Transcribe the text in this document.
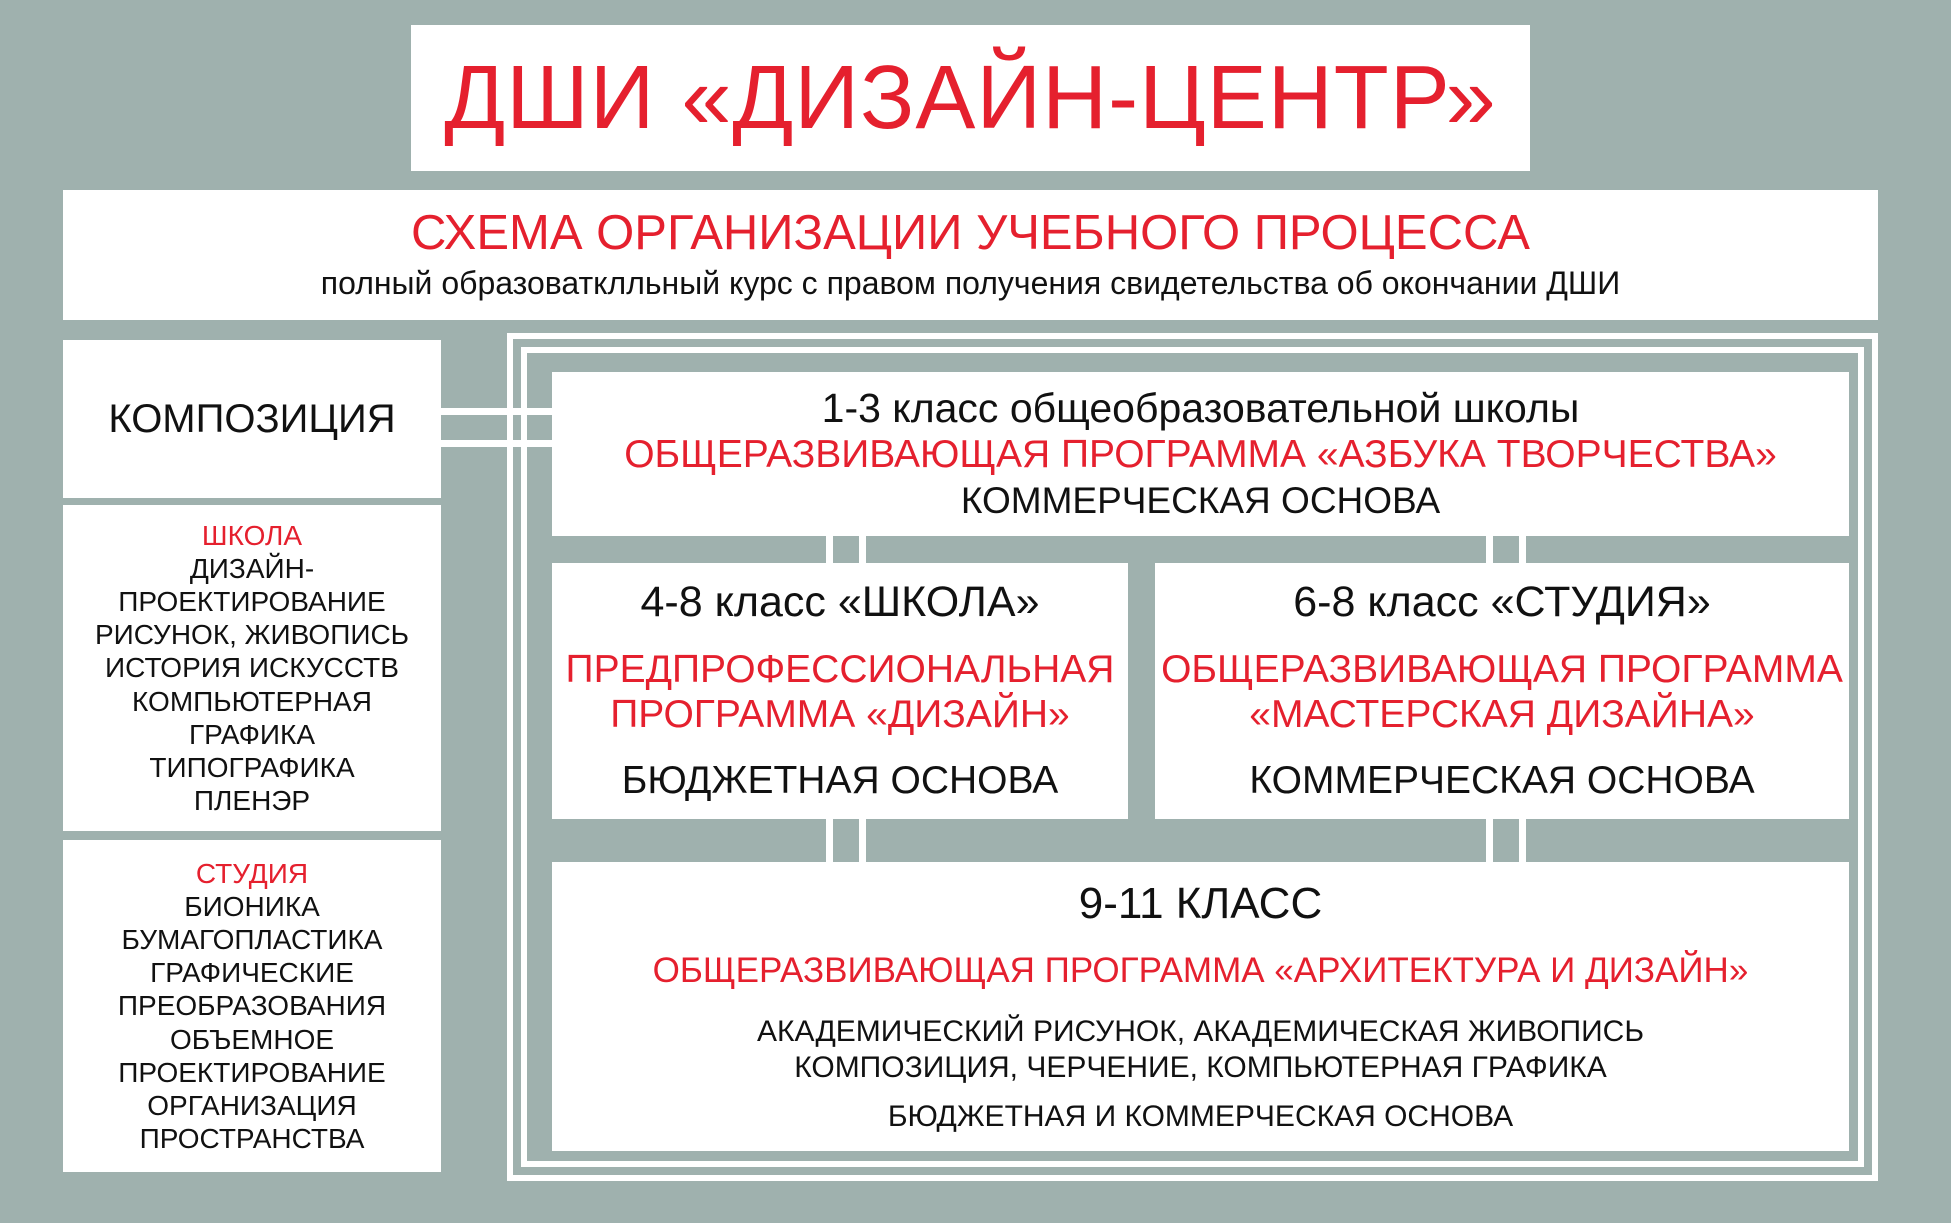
ДШИ «ДИЗАЙН-ЦЕНТР»
СХЕМА ОРГАНИЗАЦИИ УЧЕБНОГО ПРОЦЕССА
полный образоватклльный курс с правом получения свидетельства об окончании ДШИ
КОМПОЗИЦИЯ
ШКОЛА
ДИЗАЙН-
ПРОЕКТИРОВАНИЕ
РИСУНОК, ЖИВОПИСЬ
ИСТОРИЯ ИСКУССТВ
КОМПЬЮТЕРНАЯ
ГРАФИКА
ТИПОГРАФИКА
ПЛЕНЭР
СТУДИЯ
БИОНИКА
БУМАГОПЛАСТИКА
ГРАФИЧЕСКИЕ
ПРЕОБРАЗОВАНИЯ
ОБЪЕМНОЕ
ПРОЕКТИРОВАНИЕ
ОРГАНИЗАЦИЯ
ПРОСТРАНСТВА
1-3 класс общеобразовательной школы
ОБЩЕРАЗВИВАЮЩАЯ ПРОГРАММА «АЗБУКА ТВОРЧЕСТВА»
КОММЕРЧЕСКАЯ ОСНОВА
4-8 класс «ШКОЛА»
ПРЕДПРОФЕССИОНАЛЬНАЯ
ПРОГРАММА «ДИЗАЙН»
БЮДЖЕТНАЯ ОСНОВА
6-8 класс «СТУДИЯ»
ОБЩЕРАЗВИВАЮЩАЯ ПРОГРАММА
«МАСТЕРСКАЯ ДИЗАЙНА»
КОММЕРЧЕСКАЯ ОСНОВА
9-11 КЛАСС
ОБЩЕРАЗВИВАЮЩАЯ ПРОГРАММА «АРХИТЕКТУРА И ДИЗАЙН»
АКАДЕМИЧЕСКИЙ РИСУНОК, АКАДЕМИЧЕСКАЯ ЖИВОПИСЬ
КОМПОЗИЦИЯ, ЧЕРЧЕНИЕ, КОМПЬЮТЕРНАЯ ГРАФИКА
БЮДЖЕТНАЯ И КОММЕРЧЕСКАЯ ОСНОВА
